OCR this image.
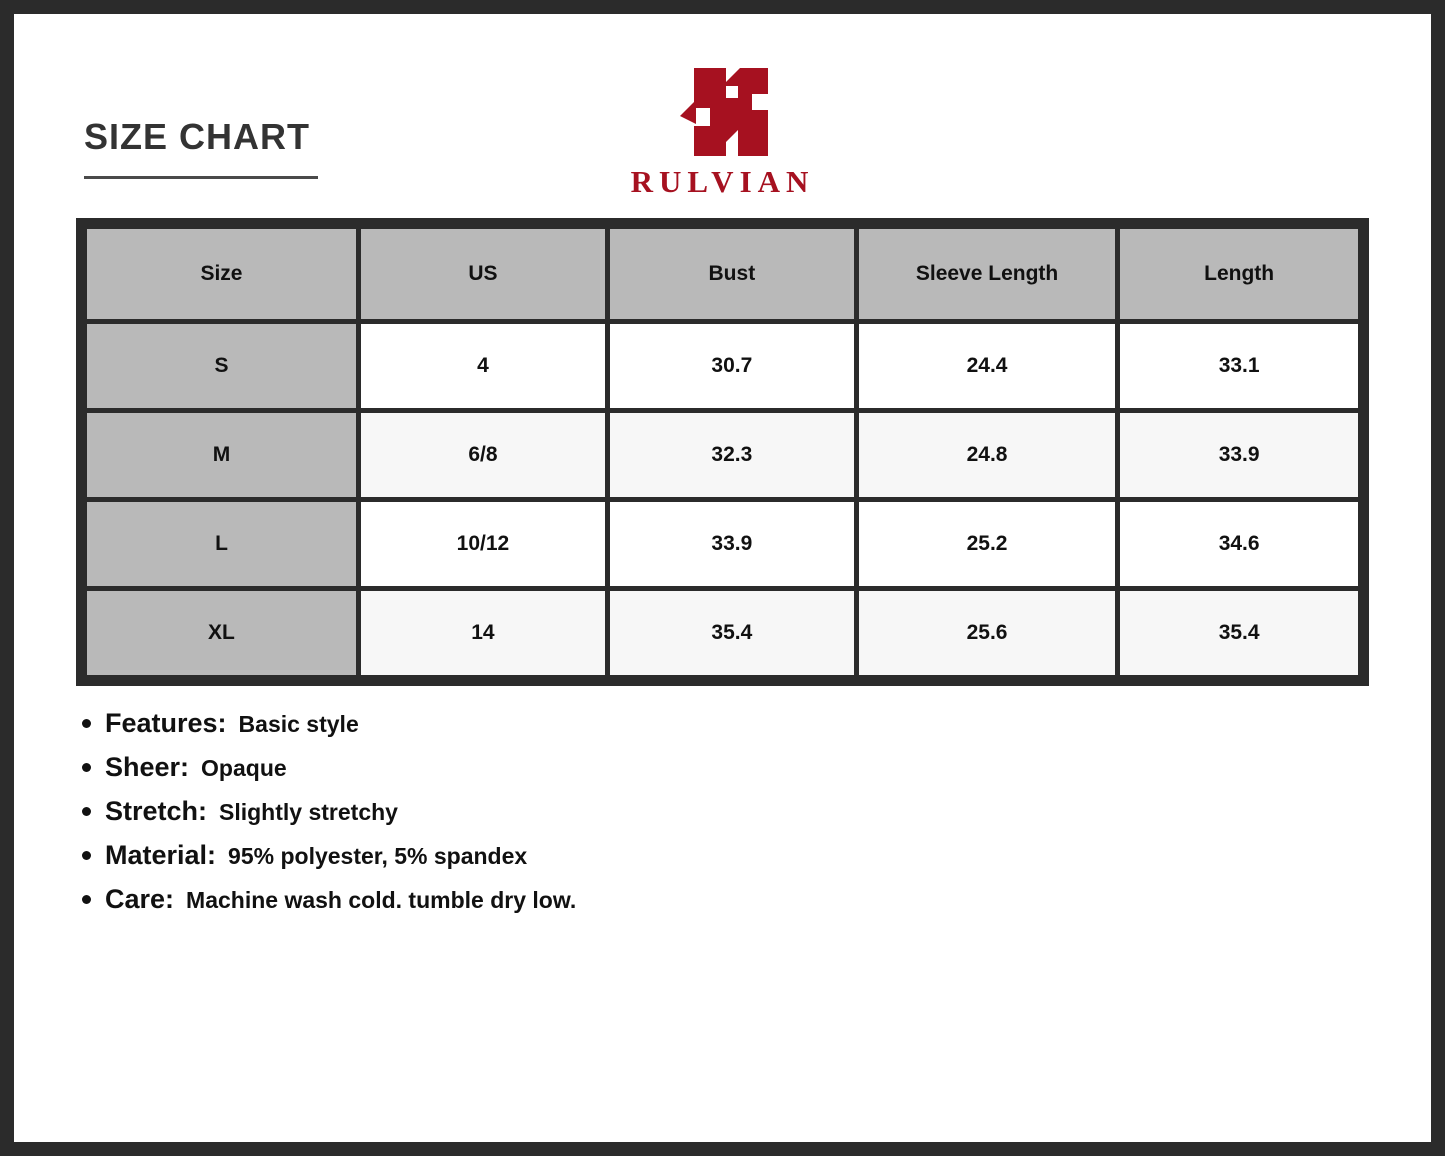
SIZE CHART
RULVIAN
Size	US	Bust	Sleeve Length	Length
S	4	30.7	24.4	33.1
M	6/8	32.3	24.8	33.9
L	10/12	33.9	25.2	34.6
XL	14	35.4	25.6	35.4
Features: Basic style
Sheer: Opaque
Stretch: Slightly stretchy
Material: 95% polyester, 5% spandex
Care: Machine wash cold. tumble dry low.
